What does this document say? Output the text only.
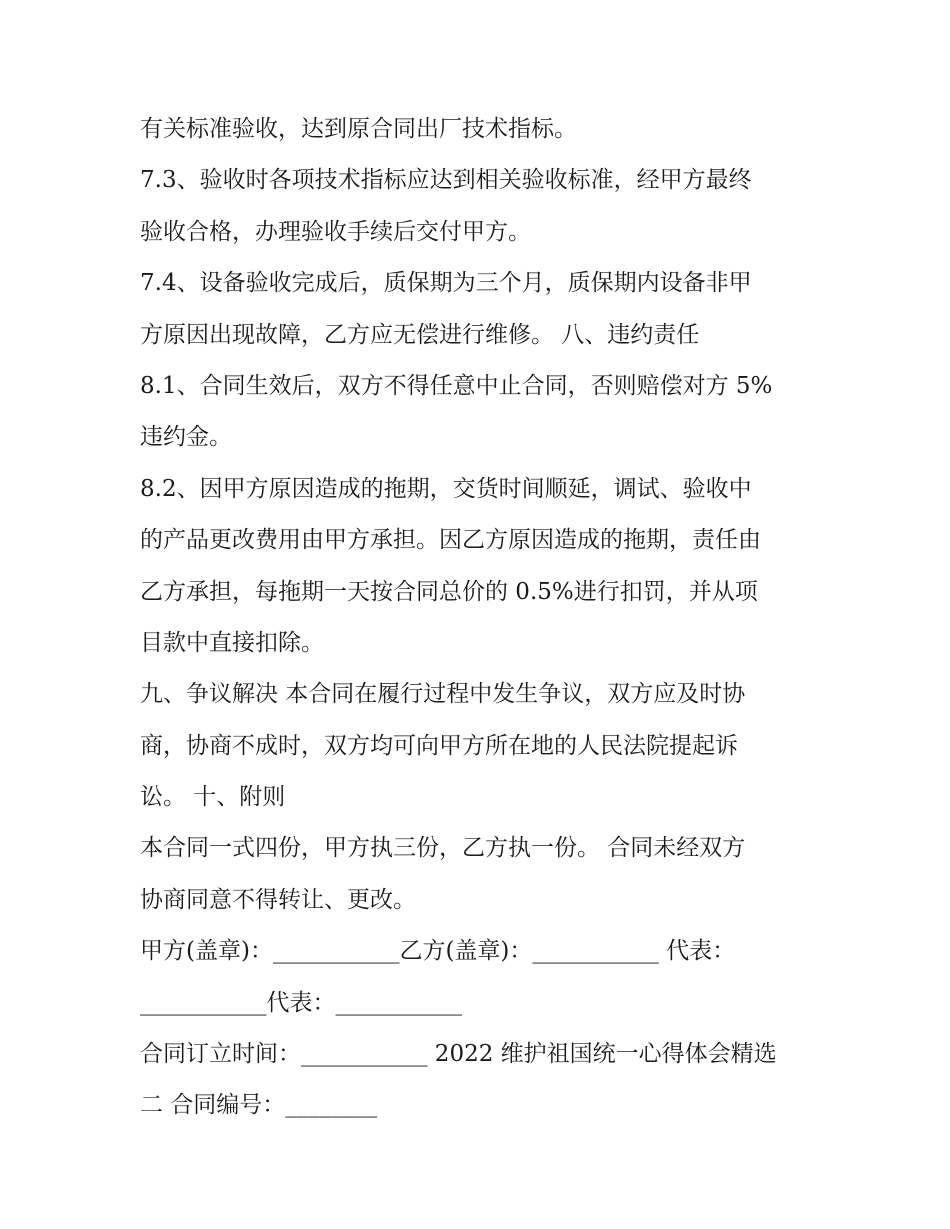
有关标准验收，达到原合同出厂技术指标。
7.3、验收时各项技术指标应达到相关验收标准，经甲方最终
验收合格，办理验收手续后交付甲方。
7.4、设备验收完成后，质保期为三个月，质保期内设备非甲
方原因出现故障，乙方应无偿进行维修。 八、违约责任
8.1、合同生效后，双方不得任意中止合同，否则赔偿对方 5%
违约金。
8.2、因甲方原因造成的拖期，交货时间顺延，调试、验收中
的产品更改费用由甲方承担。因乙方原因造成的拖期，责任由
乙方承担，每拖期一天按合同总价的 0.5%进行扣罚，并从项
目款中直接扣除。
九、争议解决 本合同在履行过程中发生争议，双方应及时协
商，协商不成时，双方均可向甲方所在地的人民法院提起诉
讼。 十、附则
本合同一式四份，甲方执三份，乙方执一份。 合同未经双方
协商同意不得转让、更改。
甲方(盖章)：___________乙方(盖章)：___________ 代表：
___________代表：___________
合同订立时间：___________ 2022 维护祖国统一心得体会精选
二 合同编号：________
